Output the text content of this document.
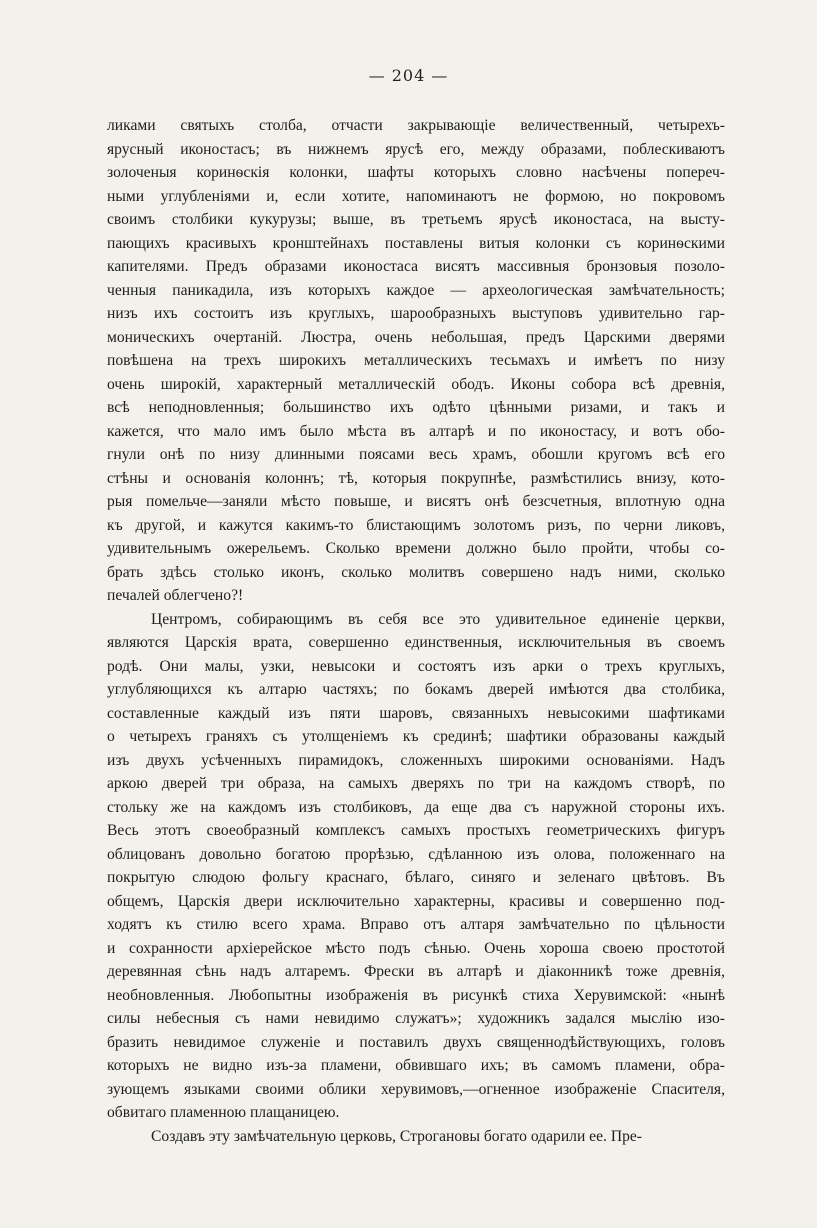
— 204 —
ликами святыхъ столба, отчасти закрывающіе величественный, четырехъ-
ярусный иконостасъ; въ нижнемъ ярусѣ его, между образами, поблескиваютъ
золоченыя коринѳскія колонки, шафты которыхъ словно насѣчены попереч-
ными углубленіями и, если хотите, напоминаютъ не формою, но покровомъ
своимъ столбики кукурузы; выше, въ третьемъ ярусѣ иконостаса, на высту-
пающихъ красивыхъ кронштейнахъ поставлены витыя колонки съ коринѳскими
капителями. Предъ образами иконостаса висятъ массивныя бронзовыя позоло-
ченныя паникадила, изъ которыхъ каждое — археологическая замѣчательность;
низъ ихъ состоитъ изъ круглыхъ, шарообразныхъ выступовъ удивительно гар-
моническихъ очертаній. Люстра, очень небольшая, предъ Царскими дверями
повѣшена на трехъ широкихъ металлическихъ тесьмахъ и имѣетъ по низу
очень широкій, характерный металлическій ободъ. Иконы собора всѣ древнія,
всѣ неподновленныя; большинство ихъ одѣто цѣнными ризами, и такъ и
кажется, что мало имъ было мѣста въ алтарѣ и по иконостасу, и вотъ обо-
гнули онѣ по низу длинными поясами весь храмъ, обошли кругомъ всѣ его
стѣны и основанія колоннъ; тѣ, которыя покрупнѣе, размѣстились внизу, кото-
рыя помельче—заняли мѣсто повыше, и висятъ онѣ безсчетныя, вплотную одна
къ другой, и кажутся какимъ-то блистающимъ золотомъ ризъ, по черни ликовъ,
удивительнымъ ожерельемъ. Сколько времени должно было пройти, чтобы со-
брать здѣсь столько иконъ, сколько молитвъ совершено надъ ними, сколько
печалей облегчено?!
Центромъ, собирающимъ въ себя все это удивительное единеніе церкви,
являются Царскія врата, совершенно единственныя, исключительныя въ своемъ
родѣ. Они малы, узки, невысоки и состоятъ изъ арки о трехъ круглыхъ,
углубляющихся къ алтарю частяхъ; по бокамъ дверей имѣются два столбика,
составленные каждый изъ пяти шаровъ, связанныхъ невысокими шафтиками
о четырехъ граняхъ съ утолщеніемъ къ срединѣ; шафтики образованы каждый
изъ двухъ усѣченныхъ пирамидокъ, сложенныхъ широкими основаніями. Надъ
аркою дверей три образа, на самыхъ дверяхъ по три на каждомъ створѣ, по
стольку же на каждомъ изъ столбиковъ, да еще два съ наружной стороны ихъ.
Весь этотъ своеобразный комплексъ самыхъ простыхъ геометрическихъ фигуръ
облицованъ довольно богатою прорѣзью, сдѣланною изъ олова, положеннаго на
покрытую слюдою фольгу краснаго, бѣлаго, синяго и зеленаго цвѣтовъ. Въ
общемъ, Царскія двери исключительно характерны, красивы и совершенно под-
ходятъ къ стилю всего храма. Вправо отъ алтаря замѣчательно по цѣльности
и сохранности архіерейское мѣсто подъ сѣнью. Очень хороша своею простотой
деревянная сѣнь надъ алтаремъ. Фрески въ алтарѣ и діаконникѣ тоже древнія,
необновленныя. Любопытны изображенія въ рисункѣ стиха Херувимской: «нынѣ
силы небесныя съ нами невидимо служатъ»; художникъ задался мыслію изо-
бразить невидимое служеніе и поставилъ двухъ священнодѣйствующихъ, головъ
которыхъ не видно изъ-за пламени, обвившаго ихъ; въ самомъ пламени, обра-
зующемъ языками своими облики херувимовъ,—огненное изображеніе Спасителя,
обвитаго пламенною плащаницею.
Создавъ эту замѣчательную церковь, Строгановы богато одарили ее. Пре-
